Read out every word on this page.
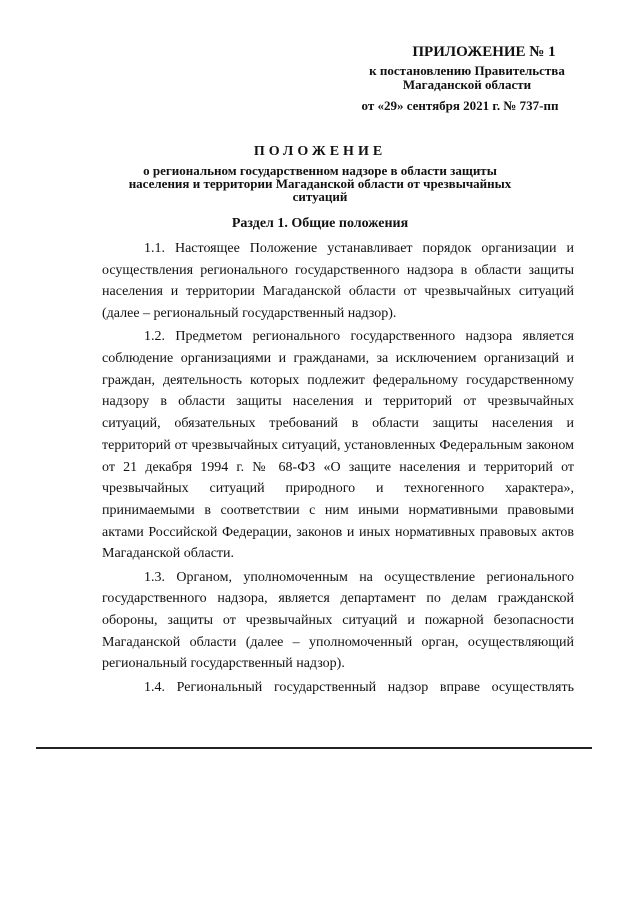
ПРИЛОЖЕНИЕ № 1
к постановлению Правительства Магаданской области
от «29» сентября 2021 г. № 737-пп
ПОЛОЖЕНИЕ
о региональном государственном надзоре в области защиты населения и территории Магаданской области от чрезвычайных ситуаций
Раздел 1. Общие положения

1.1. Настоящее Положение устанавливает порядок организации и осуществления регионального государственного надзора в области защиты населения и территории Магаданской области от чрезвычайных ситуаций (далее – региональный государственный надзор).

1.2. Предметом регионального государственного надзора является соблюдение организациями и гражданами, за исключением организаций и граждан, деятельность которых подлежит федеральному государственному надзору в области защиты населения и территорий от чрезвычайных ситуаций, обязательных требований в области защиты населения и территорий от чрезвычайных ситуаций, установленных Федеральным законом от 21 декабря 1994 г. № 68-ФЗ «О защите населения и территорий от чрезвычайных ситуаций природного и техногенного характера», принимаемыми в соответствии с ним иными нормативными правовыми актами Российской Федерации, законов и иных нормативных правовых актов Магаданской области.

1.3. Органом, уполномоченным на осуществление регионального государственного надзора, является департамент по делам гражданской обороны, защиты от чрезвычайных ситуаций и пожарной безопасности Магаданской области (далее – уполномоченный орган, осуществляющий региональный государственный надзор).

1.4. Региональный государственный надзор вправе осуществлять
